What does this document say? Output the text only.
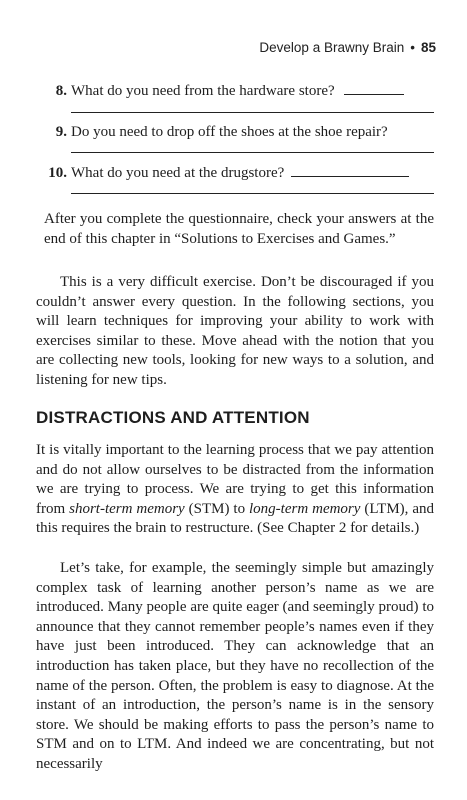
Develop a Brawny Brain • 85
8. What do you need from the hardware store?
9. Do you need to drop off the shoes at the shoe repair?
10. What do you need at the drugstore?
After you complete the questionnaire, check your answers at the end of this chapter in “Solutions to Exercises and Games.”
This is a very difficult exercise. Don’t be discouraged if you couldn’t answer every question. In the following sections, you will learn techniques for improving your ability to work with exercises similar to these. Move ahead with the notion that you are collecting new tools, looking for new ways to a solution, and listening for new tips.
DISTRACTIONS AND ATTENTION
It is vitally important to the learning process that we pay attention and do not allow ourselves to be distracted from the information we are trying to process. We are trying to get this information from short-term memory (STM) to long-term memory (LTM), and this requires the brain to restructure. (See Chapter 2 for details.)
Let’s take, for example, the seemingly simple but amazingly complex task of learning another person’s name as we are introduced. Many people are quite eager (and seemingly proud) to announce that they cannot remember people’s names even if they have just been introduced. They can acknowledge that an introduction has taken place, but they have no recollection of the name of the person. Often, the problem is easy to diagnose. At the instant of an introduction, the person’s name is in the sensory store. We should be making efforts to pass the person’s name to STM and on to LTM. And indeed we are concentrating, but not necessarily
